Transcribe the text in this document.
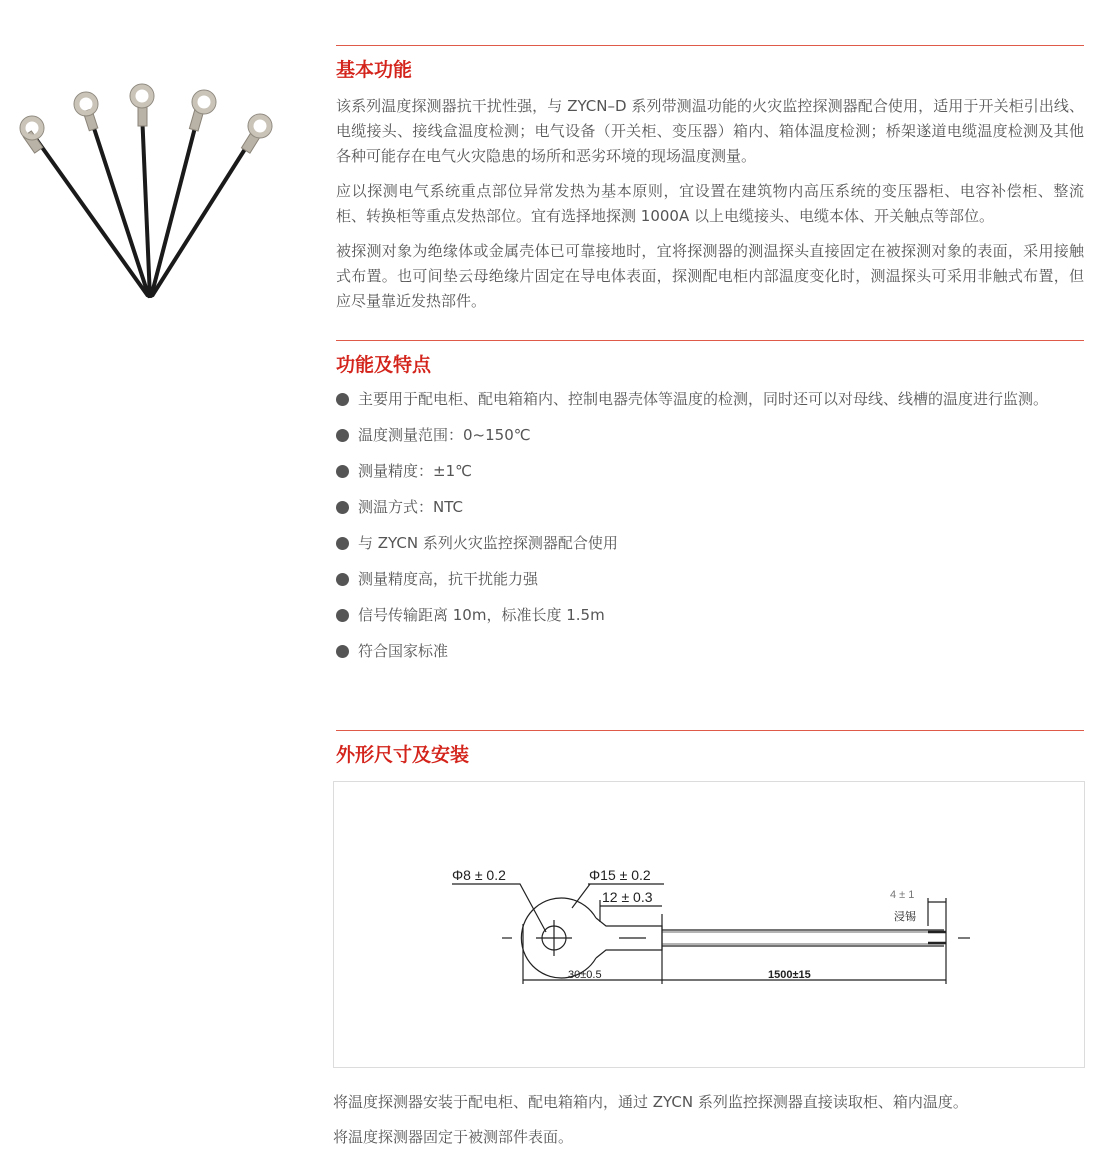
基本功能

该系列温度探测器抗干扰性强，与 ZYCN–D 系列带测温功能的火灾监控探测器配合使用，适用于开关柜引出线、电缆接头、接线盒温度检测；电气设备（开关柜、变压器）箱内、箱体温度检测；桥架遂道电缆温度检测及其他各种可能存在电气火灾隐患的场所和恶劣环境的现场温度测量。

应以探测电气系统重点部位异常发热为基本原则，宜设置在建筑物内高压系统的变压器柜、电容补偿柜、整流柜、转换柜等重点发热部位。宜有选择地探测 1000A 以上电缆接头、电缆本体、开关触点等部位。

被探测对象为绝缘体或金属壳体已可靠接地时，宜将探测器的测温探头直接固定在被探测对象的表面，采用接触式布置。也可间垫云母绝缘片固定在导电体表面，探测配电柜内部温度变化时，测温探头可采用非触式布置，但应尽量靠近发热部件。

功能及特点
主要用于配电柜、配电箱箱内、控制电器壳体等温度的检测，同时还可以对母线、线槽的温度进行监测。
温度测量范围：0~150℃
测量精度：±1℃
测温方式：NTC
与 ZYCN 系列火灾监控探测器配合使用
测量精度高，抗干扰能力强
信号传输距离 10m，标准长度 1.5m
符合国家标准
外形尺寸及安装
Φ8 ± 0.2	Φ15 ± 0.2
12 ± 0.3	4 ± 1
浸锡
30±0.5	1500±15
将温度探测器安装于配电柜、配电箱箱内，通过 ZYCN 系列监控探测器直接读取柜、箱内温度。
将温度探测器固定于被测部件表面。
